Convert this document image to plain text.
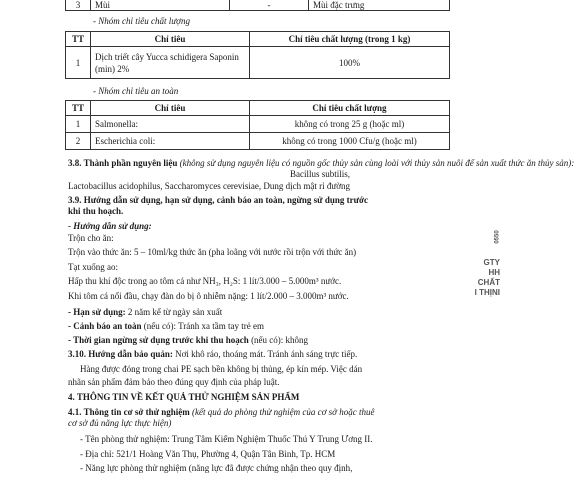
3	Mùi	-	Mùi đặc trưng
- Nhóm chỉ tiêu chất lượng
TT	Chỉ tiêu	Chỉ tiêu chất lượng (trong 1 kg)
1	Dịch triết cây Yucca schidigera Saponin (min) 2%	100%
- Nhóm chỉ tiêu an toàn
TT	Chỉ tiêu	Chỉ tiêu chất lượng
1	Salmonella:	không có trong 25 g (hoặc ml)
2	Escherichia coli:	không có trong 1000 Cfu/g (hoặc ml)
3.8. Thành phần nguyên liệu (không sử dụng nguyên liệu có nguồn gốc thủy sản cùng loài với thủy sản nuôi để sản xuất thức ăn thủy sản):
Bacillus subtilis,
Lactobacillus acidophilus, Saccharomyces cerevisiae, Dung dịch mật rỉ đường
3.9. Hướng dẫn sử dụng, hạn sử dụng, cảnh báo an toàn, ngừng sử dụng trước
khi thu hoạch.
- Hướng dẫn sử dụng:
Trộn cho ăn:
Trộn vào thức ăn: 5 – 10ml/kg thức ăn (pha loãng với nước rồi trộn với thức ăn)
Tạt xuống ao:
Hấp thu khí độc trong ao tôm cá như NH₃, H₂S: 1 lít/3.000 – 5.000m³ nước.
Khi tôm cá nổi đầu, chạy đàn do bị ô nhiễm nặng: 1 lít/2.000 – 3.000m³ nước.
- Hạn sử dụng: 2 năm kể từ ngày sản xuất
- Cảnh báo an toàn (nếu có): Tránh xa tầm tay trẻ em
- Thời gian ngừng sử dụng trước khi thu hoạch (nếu có): không
3.10. Hướng dẫn bảo quản: Nơi khô ráo, thoáng mát. Tránh ánh sáng trực tiếp.
Hàng được đóng trong chai PE sạch bền không bị thủng, ép kín mép. Việc dán
nhãn sản phẩm đảm bảo theo đúng quy định của pháp luật.
4. THÔNG TIN VỀ KẾT QUẢ THỬ NGHIỆM SẢN PHẨM
4.1. Thông tin cơ sở thử nghiệm (kết quả do phòng thử nghiệm của cơ sở hoặc thuê
cơ sở đủ năng lực thực hiện)
- Tên phòng thử nghiệm: Trung Tâm Kiểm Nghiệm Thuốc Thú Y Trung Ương II.
- Địa chỉ: 521/1 Hoàng Văn Thụ, Phường 4, Quận Tân Bình, Tp. HCM
- Năng lực phòng thử nghiệm (năng lực đã được chứng nhận theo quy định,
0550
GTY
HH
CHẤT
I THỊNI
